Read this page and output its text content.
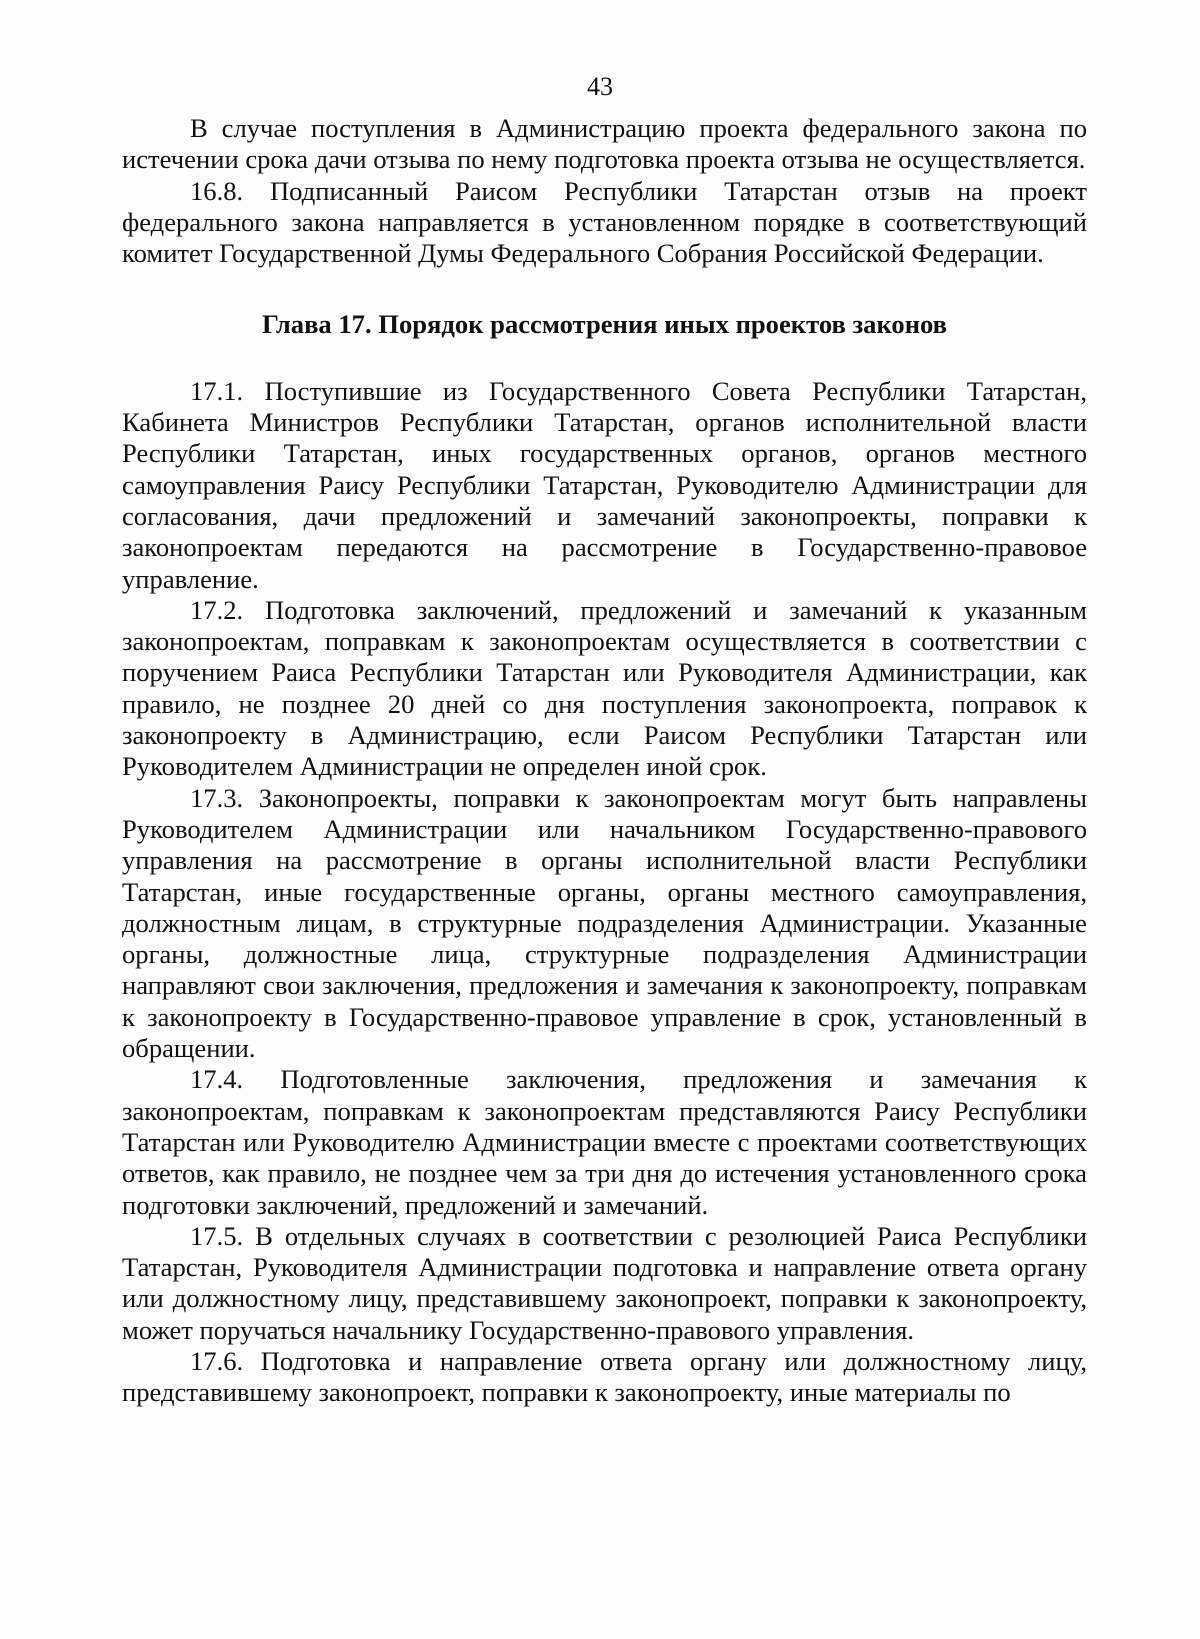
43

В случае поступления в Администрацию проекта федерального закона по истечении срока дачи отзыва по нему подготовка проекта отзыва не осуществляется.

16.8. Подписанный Раисом Республики Татарстан отзыв на проект федерального закона направляется в установленном порядке в соответствующий комитет Государственной Думы Федерального Собрания Российской Федерации.

Глава 17. Порядок рассмотрения иных проектов законов

17.1. Поступившие из Государственного Совета Республики Татарстан, Кабинета Министров Республики Татарстан, органов исполнительной власти Республики Татарстан, иных государственных органов, органов местного самоуправления Раису Республики Татарстан, Руководителю Администрации для согласования, дачи предложений и замечаний законопроекты, поправки к законопроектам передаются на рассмотрение в Государственно-правовое управление.

17.2. Подготовка заключений, предложений и замечаний к указанным законопроектам, поправкам к законопроектам осуществляется в соответствии с поручением Раиса Республики Татарстан или Руководителя Администрации, как правило, не позднее 20 дней со дня поступления законопроекта, поправок к законопроекту в Администрацию, если Раисом Республики Татарстан или Руководителем Администрации не определен иной срок.

17.3. Законопроекты, поправки к законопроектам могут быть направлены Руководителем Администрации или начальником Государственно-правового управления на рассмотрение в органы исполнительной власти Республики Татарстан, иные государственные органы, органы местного самоуправления, должностным лицам, в структурные подразделения Администрации. Указанные органы, должностные лица, структурные подразделения Администрации направляют свои заключения, предложения и замечания к законопроекту, поправкам к законопроекту в Государственно-правовое управление в срок, установленный в обращении.

17.4. Подготовленные заключения, предложения и замечания к законопроектам, поправкам к законопроектам представляются Раису Республики Татарстан или Руководителю Администрации вместе с проектами соответствующих ответов, как правило, не позднее чем за три дня до истечения установленного срока подготовки заключений, предложений и замечаний.

17.5. В отдельных случаях в соответствии с резолюцией Раиса Республики Татарстан, Руководителя Администрации подготовка и направление ответа органу или должностному лицу, представившему законопроект, поправки к законопроекту, может поручаться начальнику Государственно-правового управления.

17.6. Подготовка и направление ответа органу или должностному лицу, представившему законопроект, поправки к законопроекту, иные материалы по
